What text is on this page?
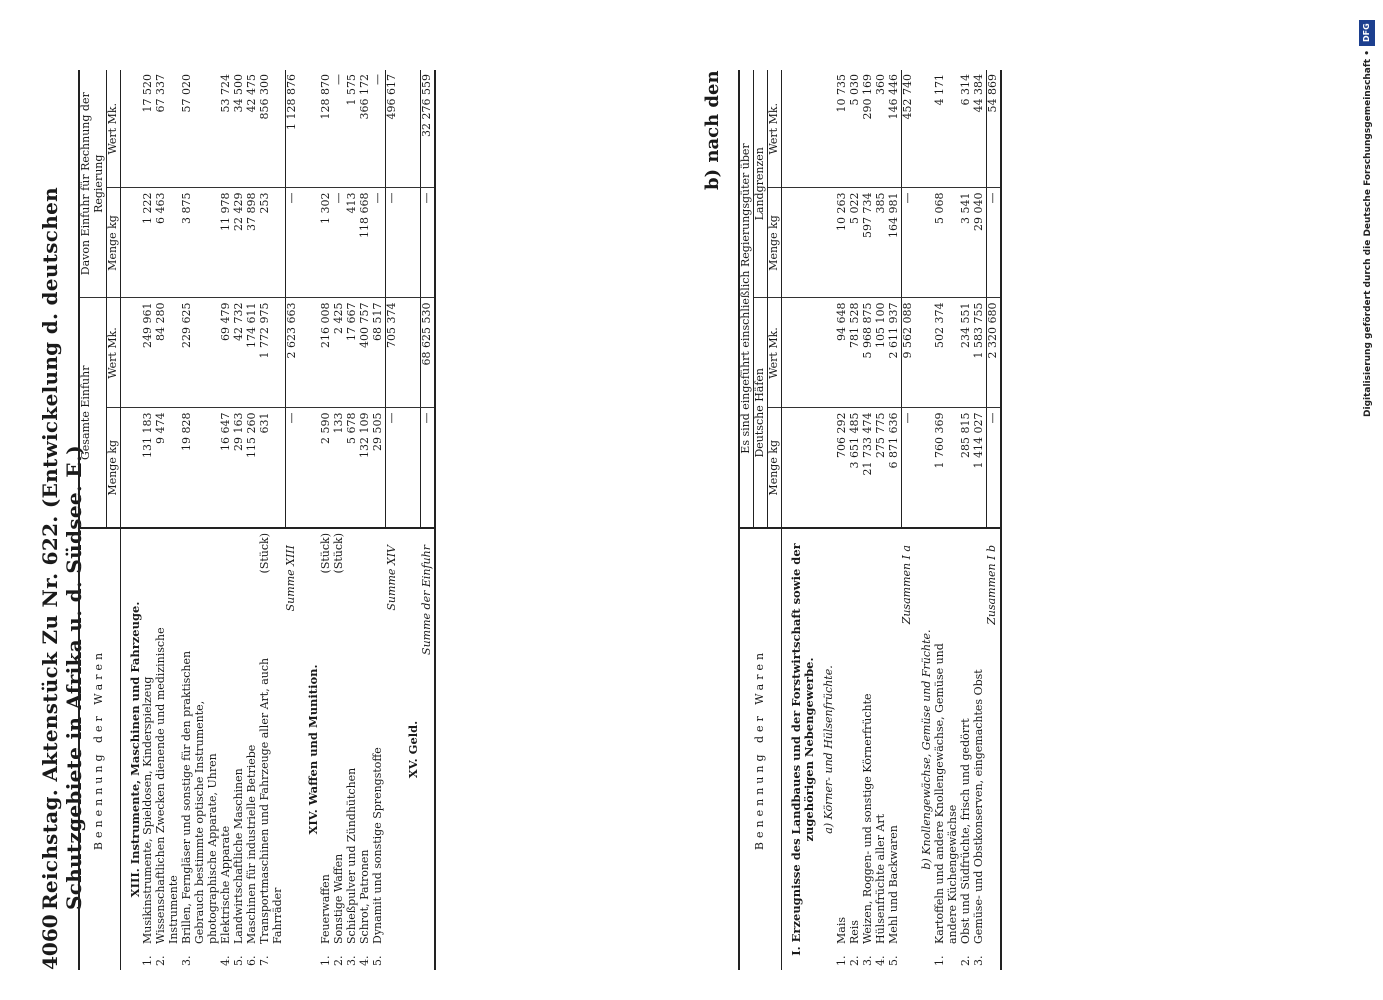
4060
Reichstag. Aktenstück Zu Nr. 622. (Entwickelung d. deutschen Schutzgebiete in Afrika u. d. Südsee. E.) Benennung der Waren			Gesamte Einfuhr		Davon Einfuhr für Rechnung der Regierung	
			Menge kg	Wert Mk.	Menge kg	Wert Mk.
XIII. Instrumente, Maschinen und Fahrzeuge.						
1.	Musikinstrumente, Spieldosen, Kinderspielzeug		131 183	249 961	1 222	17 520
2.	Wissenschaftlichen Zwecken dienende und medizinische Instrumente		9 474	84 280	6 463	67 337
3.	Brillen, Ferngläser und sonstige für den praktischen Gebrauch bestimmte optische Instrumente, photographische Apparate, Uhren		19 828	229 625	3 875	57 020
4.	Elektrische Apparate		16 647	69 479	11 978	53 724
5.	Landwirtschaftliche Maschinen		29 163	42 732	22 429	34 500
6.	Maschinen für industrielle Betriebe		115 260	174 611	37 898	42 475
7.	Transportmaschinen und Fahrzeuge aller Art, auch Fahrräder	(Stück)	631	1 772 975	253	856 300
Summe XIII			—	2 623 663	—	1 128 876
XIV. Waffen und Munition.						
1.	Feuerwaffen	(Stück)	2 590	216 008	1 302	128 870
2.	Sonstige Waffen	(Stück)	133	2 425	—	—
3.	Schießpulver und Zündhütchen		5 678	17 667	413	1 575
4.	Schrot, Patronen		132 109	400 757	118 668	366 172
5.	Dynamit und sonstige Sprengstoffe		29 505	68 517	—	—
Summe XIV			—	705 374	—	496 617
XV. Geld.						
Summe der Einfuhr			—	68 625 530	—	32 276 559	b) nach den
Benennung der Waren			Es sind eingeführt einschließlich Regierungsgüter über			
			Deutsche Häfen		Landgrenzen	
			Menge kg	Wert Mk.	Menge kg	Wert Mk.
I. Erzeugnisse des Landbaues und der Forstwirtschaft sowie der zugehörigen Nebengewerbe.						
a) Körner- und Hülsenfrüchte.						
1.	Mais		706 292	94 648	10 263	10 735
2.	Reis		3 651 485	781 528	5 022	5 030
3.	Weizen, Roggen- und sonstige Körnerfrüchte		21 733 474	5 968 875	597 734	290 169
4.	Hülsenfrüchte aller Art		275 775	105 100	385	360
5.	Mehl und Backwaren		6 871 636	2 611 937	164 981	146 446
Zusammen I a			—	9 562 088	—	452 740
b) Knollengewächse, Gemüse und Früchte.						
1.	Kartoffeln und andere Knollengewächse, Gemüse und andere Küchengewächse		1 760 369	502 374	5 068	4 171
2.	Obst und Südfrüchte, frisch und gedörrt		285 815	234 551	3 541	6 314
3.	Gemüse- und Obstkonserven, eingemachtes Obst		1 414 027	1 583 755	29 040	44 384
Zusammen I b			—	2 320 680	—	54 869
DFG
Digitalisierung gefördert durch die Deutsche Forschungsgemeinschaft •
